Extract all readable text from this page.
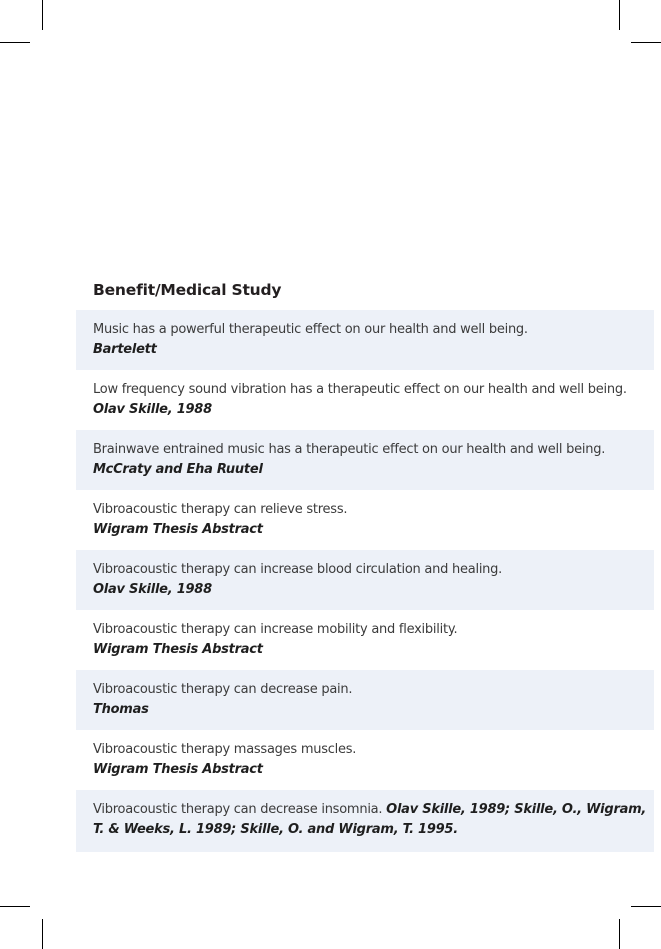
Benefit/Medical Study
Music has a powerful therapeutic effect on our health and well being.
Bartelett
Low frequency sound vibration has a therapeutic effect on our health and well being. Olav Skille, 1988
Brainwave entrained music has a therapeutic effect on our health and well being. McCraty and Eha Ruutel
Vibroacoustic therapy can relieve stress.
Wigram Thesis Abstract
Vibroacoustic therapy can increase blood circulation and healing.
Olav Skille, 1988
Vibroacoustic therapy can increase mobility and flexibility.
Wigram Thesis Abstract
Vibroacoustic therapy can decrease pain.
Thomas
Vibroacoustic therapy massages muscles.
Wigram Thesis Abstract
Vibroacoustic therapy can decrease insomnia. Olav Skille, 1989; Skille, O., Wigram, T. & Weeks, L. 1989; Skille, O. and Wigram, T. 1995.
